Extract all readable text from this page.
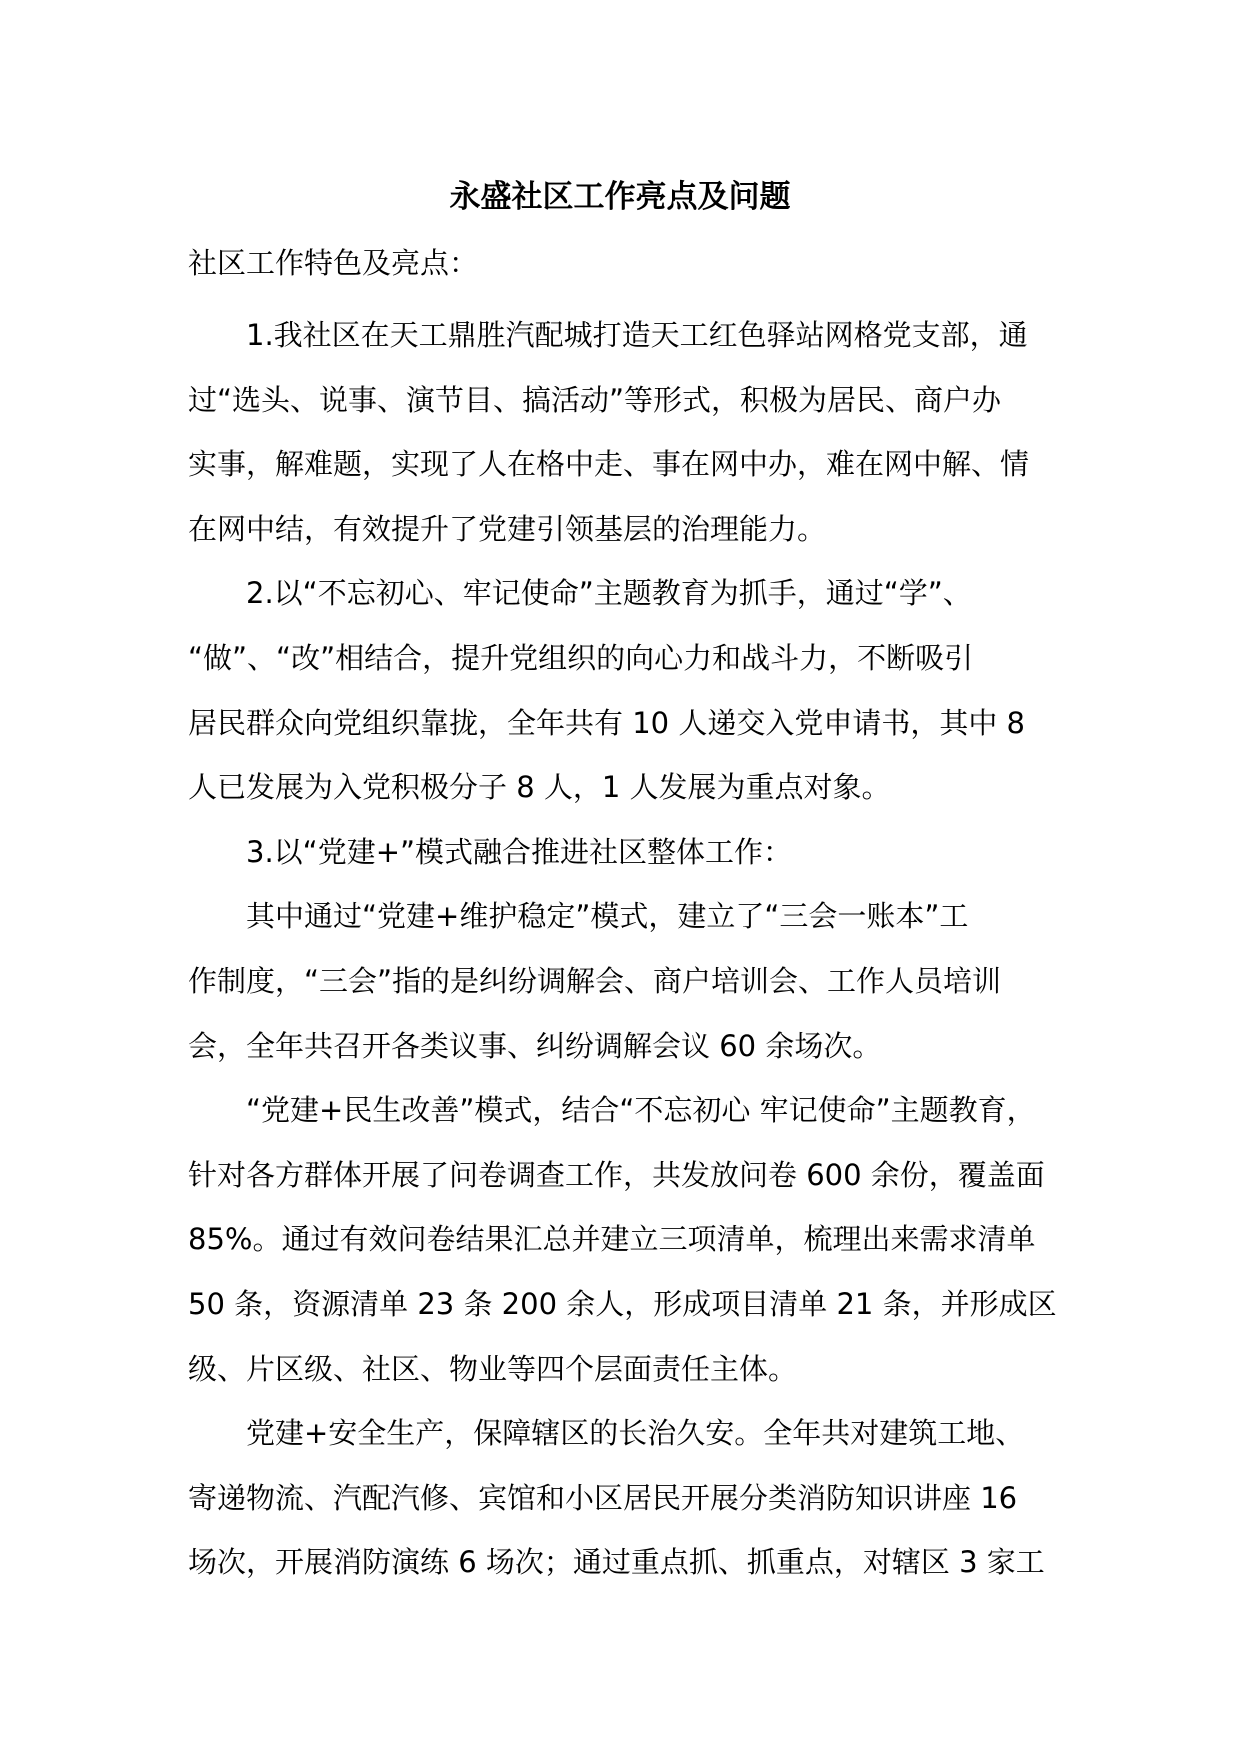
永盛社区工作亮点及问题
社区工作特色及亮点：
1.我社区在天工鼎胜汽配城打造天工红色驿站网格党支部，通
过“选头、说事、演节目、搞活动”等形式，积极为居民、商户办
实事，解难题，实现了人在格中走、事在网中办，难在网中解、情
在网中结，有效提升了党建引领基层的治理能力。
2.以“不忘初心、牢记使命”主题教育为抓手，通过“学”、
“做”、“改”相结合，提升党组织的向心力和战斗力，不断吸引
居民群众向党组织靠拢，全年共有 10 人递交入党申请书，其中 8
人已发展为入党积极分子 8 人，1 人发展为重点对象。
3.以“党建+”模式融合推进社区整体工作：
其中通过“党建+维护稳定”模式，建立了“三会一账本”工
作制度，“三会”指的是纠纷调解会、商户培训会、工作人员培训
会，全年共召开各类议事、纠纷调解会议 60 余场次。
“党建+民生改善”模式，结合“不忘初心 牢记使命”主题教育，
针对各方群体开展了问卷调查工作，共发放问卷 600 余份，覆盖面
85%。通过有效问卷结果汇总并建立三项清单，梳理出来需求清单
50 条，资源清单 23 条 200 余人，形成项目清单 21 条，并形成区
级、片区级、社区、物业等四个层面责任主体。
党建+安全生产，保障辖区的长治久安。全年共对建筑工地、
寄递物流、汽配汽修、宾馆和小区居民开展分类消防知识讲座 16
场次，开展消防演练 6 场次；通过重点抓、抓重点，对辖区 3 家工
